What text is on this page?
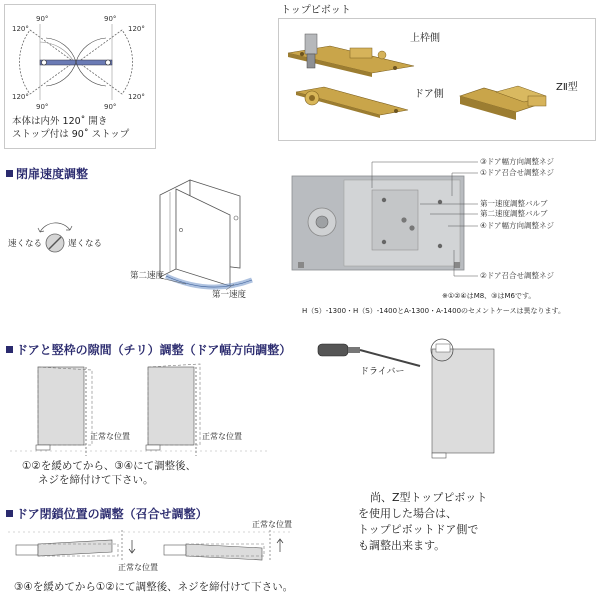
120°
90°	90°
120°
120°
90°	90°
120°
本体は内外 120˚ 開き
ストップ付は 90˚ ストップ
トップピボット
上枠側
ドア側
ZⅡ型
閉扉速度調整
速くなる	遅くなる
第二速度
第一速度
③ドア幅方向調整ネジ
①ドア召合せ調整ネジ
第一速度調整バルブ
第二速度調整バルブ
④ドア幅方向調整ネジ
②ドア召合せ調整ネジ
※①②④はM8、③はM6です。
H（S）-1300・H（S）-1400とA-1300・A-1400のセメントケースは異なります。
ドアと竪枠の隙間（チリ）調整（ドア幅方向調整）
正常な位置	正常な位置
①②を緩めてから、③④にて調整後、
ネジを締付けて下さい。
ドライバー
尚、Z型トップピボット
を使用した場合は、
トップピボットドア側で
も調整出来ます。
ドア閉鎖位置の調整（召合せ調整）
正常な位置
正常な位置
③④を緩めてから①②にて調整後、ネジを締付けて下さい。
